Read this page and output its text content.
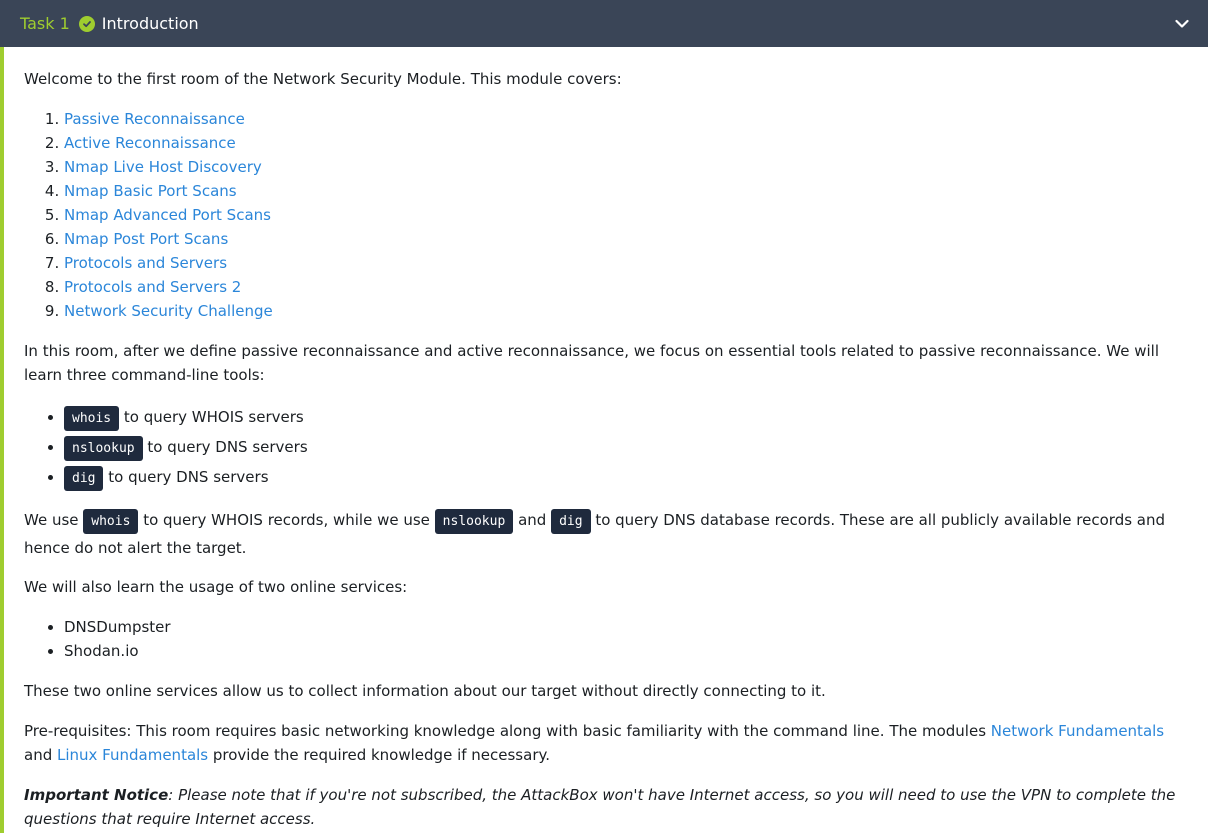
Task 1 Introduction

Welcome to the first room of the Network Security Module. This module covers:

1. Passive Reconnaissance
2. Active Reconnaissance
3. Nmap Live Host Discovery
4. Nmap Basic Port Scans
5. Nmap Advanced Port Scans
6. Nmap Post Port Scans
7. Protocols and Servers
8. Protocols and Servers 2
9. Network Security Challenge

In this room, after we define passive reconnaissance and active reconnaissance, we focus on essential tools related to passive reconnaissance. We will learn three command-line tools:

• whois to query WHOIS servers
• nslookup to query DNS servers
• dig to query DNS servers

We use whois to query WHOIS records, while we use nslookup and dig to query DNS database records. These are all publicly available records and hence do not alert the target.

We will also learn the usage of two online services:

• DNSDumpster
• Shodan.io

These two online services allow us to collect information about our target without directly connecting to it.

Pre-requisites: This room requires basic networking knowledge along with basic familiarity with the command line. The modules Network Fundamentals and Linux Fundamentals provide the required knowledge if necessary.

Important Notice: Please note that if you're not subscribed, the AttackBox won't have Internet access, so you will need to use the VPN to complete the questions that require Internet access.
